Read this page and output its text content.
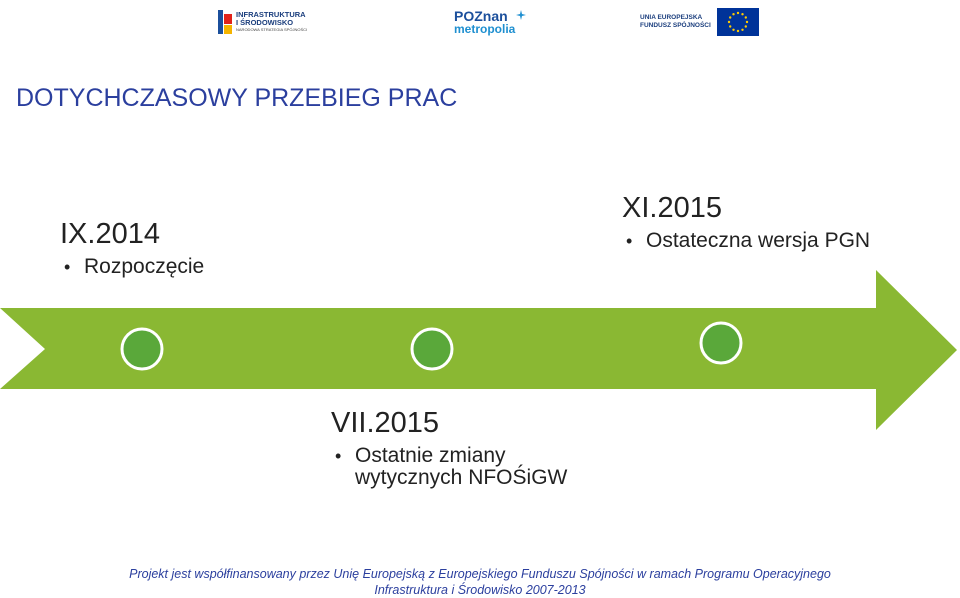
INFRASTRUKTURA
I ŚRODOWISKO
NARODOWA STRATEGIA SPÓJNOŚCI
POZnan
metropolia
UNIA EUROPEJSKA
FUNDUSZ SPÓJNOŚCI
DOTYCHCZASOWY PRZEBIEG PRAC
IX.2014
• Rozpoczęcie
XI.2015
• Ostateczna wersja PGN
VII.2015
• Ostatnie zmiany wytycznych NFOŚiGW
Projekt jest współfinansowany przez Unię Europejską z Europejskiego Funduszu Spójności w ramach Programu Operacyjnego
Infrastruktura i Środowisko 2007-2013
